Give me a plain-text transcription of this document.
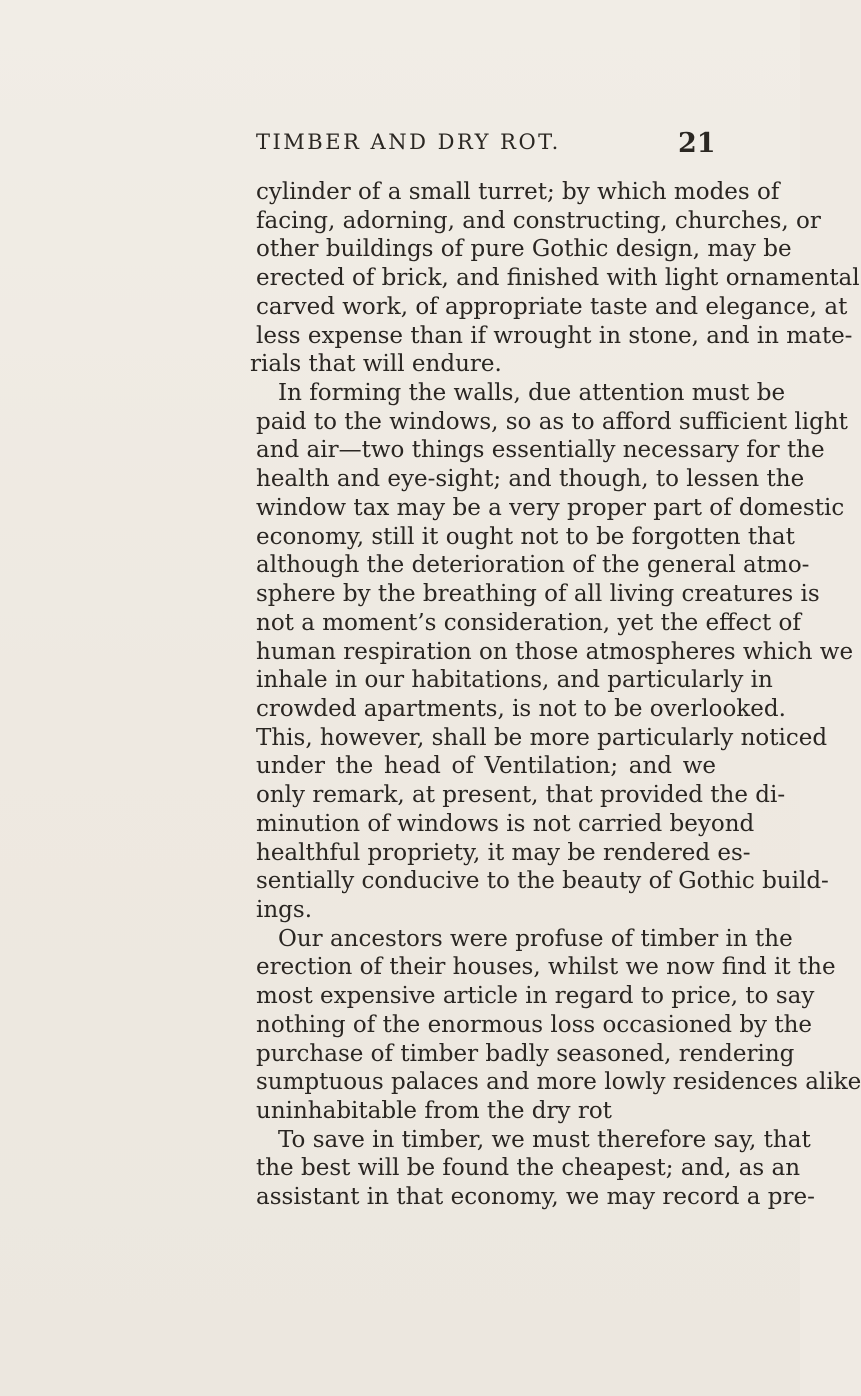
TIMBER AND DRY ROT.	21
cylinder of a small turret; by which modes of
facing, adorning, and constructing, churches, or
other buildings of pure Gothic design, may be
erected of brick, and finished with light ornamental
carved work, of appropriate taste and elegance, at
less expense than if wrought in stone, and in mate-
rials that will endure.
In forming the walls, due attention must be
paid to the windows, so as to afford sufficient light
and air—two things essentially necessary for the
health and eye-sight; and though, to lessen the
window tax may be a very proper part of domestic
economy, still it ought not to be forgotten that
although the deterioration of the general atmo-
sphere by the breathing of all living creatures is
not a moment’s consideration, yet the effect of
human respiration on those atmospheres which we
inhale in our habitations, and particularly in
crowded apartments, is not to be overlooked.
This, however, shall be more particularly noticed
under the head of Ventilation; and we
only remark, at present, that provided the di-
minution of windows is not carried beyond
healthful propriety, it may be rendered es-
sentially conducive to the beauty of Gothic build-
ings.
Our ancestors were profuse of timber in the
erection of their houses, whilst we now find it the
most expensive article in regard to price, to say
nothing of the enormous loss occasioned by the
purchase of timber badly seasoned, rendering
sumptuous palaces and more lowly residences alike
uninhabitable from the dry rot
To save in timber, we must therefore say, that
the best will be found the cheapest; and, as an
assistant in that economy, we may record a pre-
